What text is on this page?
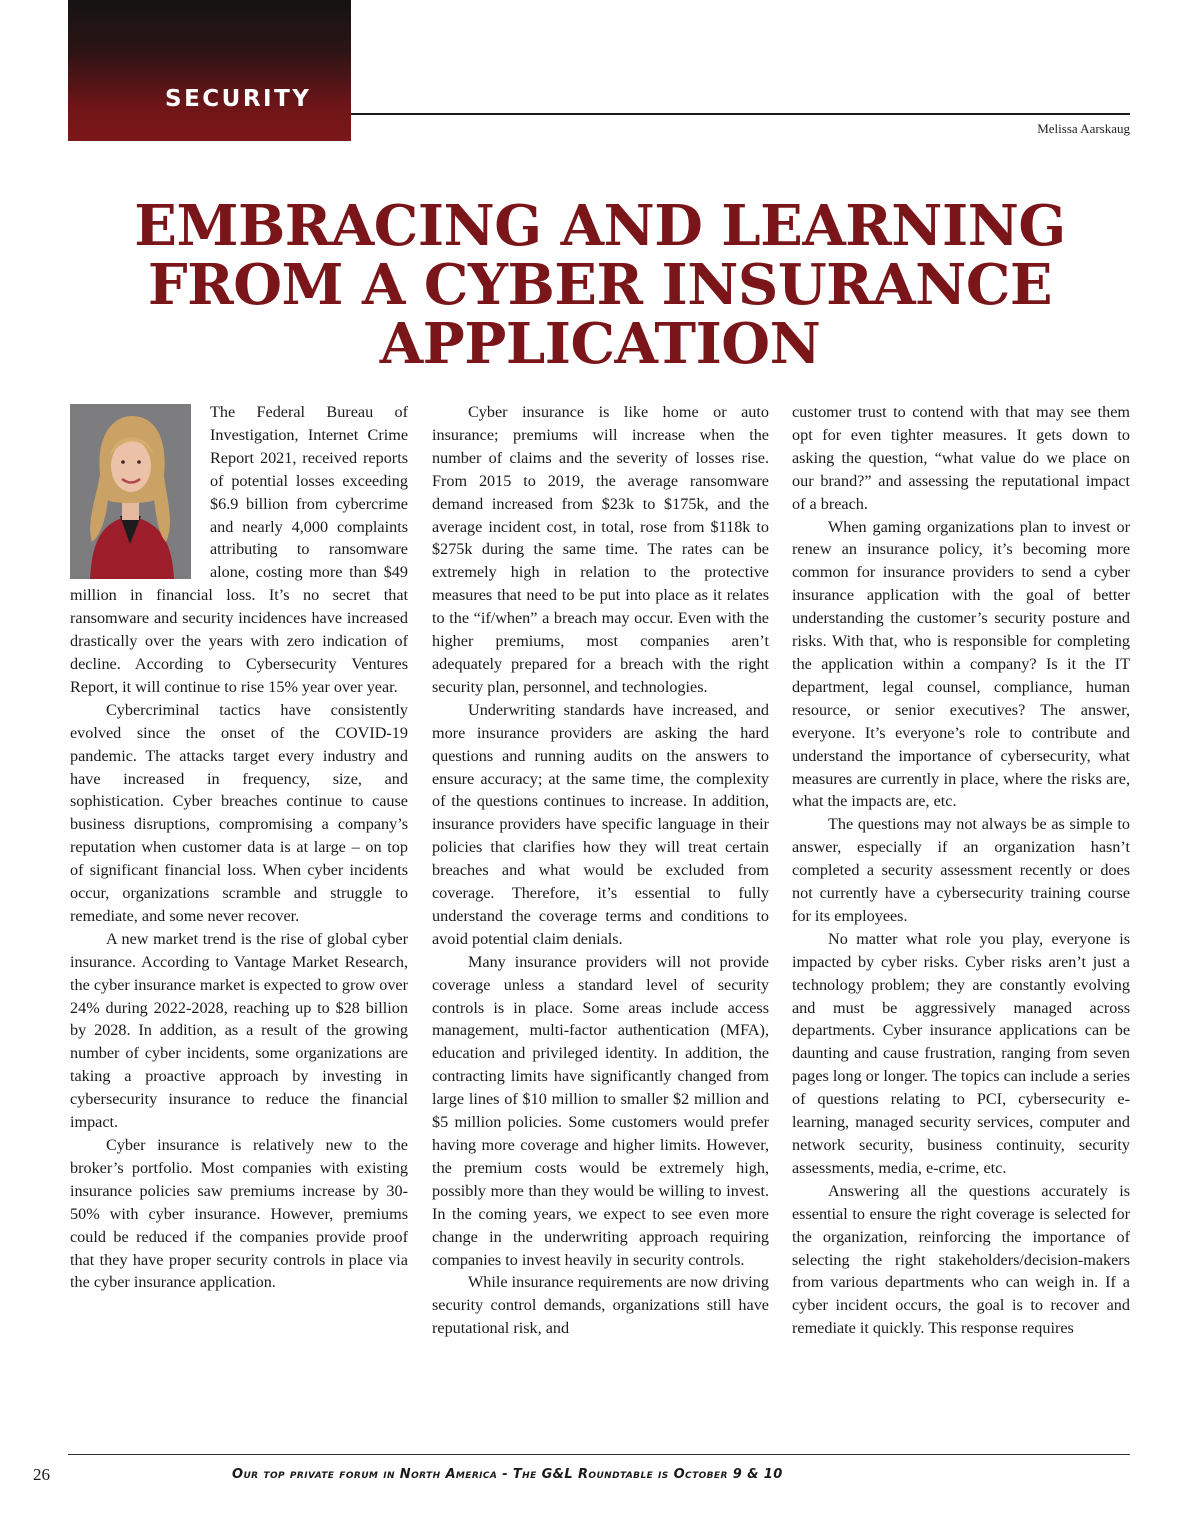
SECURITY
Melissa Aarskaug
EMBRACING AND LEARNING
FROM A CYBER INSURANCE
APPLICATION

The Federal Bureau of Investigation, Internet Crime Report 2021, received reports of potential losses exceeding $6.9 billion from cybercrime and nearly 4,000 complaints attributing to ransomware alone, costing more than $49 million in financial loss. It’s no secret that ransomware and security incidences have increased drastically over the years with zero indication of decline. According to Cybersecurity Ventures Report, it will continue to rise 15% year over year.

Cybercriminal tactics have consistently evolved since the onset of the COVID-19 pandemic. The attacks target every industry and have increased in frequency, size, and sophistication. Cyber breaches continue to cause business disruptions, compromising a company’s reputation when customer data is at large – on top of significant financial loss. When cyber incidents occur, organizations scramble and struggle to remediate, and some never recover.

A new market trend is the rise of global cyber insurance. According to Vantage Market Research, the cyber insurance market is expected to grow over 24% during 2022-2028, reaching up to $28 billion by 2028. In addition, as a result of the growing number of cyber incidents, some organizations are taking a proactive approach by investing in cybersecurity insurance to reduce the financial impact.

Cyber insurance is relatively new to the broker’s portfolio. Most companies with existing insurance policies saw premiums increase by 30-50% with cyber insurance. However, premiums could be reduced if the companies provide proof that they have proper security controls in place via the cyber insurance application.

Cyber insurance is like home or auto insurance; premiums will increase when the number of claims and the severity of losses rise. From 2015 to 2019, the average ransomware demand increased from $23k to $175k, and the average incident cost, in total, rose from $118k to $275k during the same time. The rates can be extremely high in relation to the protective measures that need to be put into place as it relates to the “if/when” a breach may occur. Even with the higher premiums, most companies aren’t adequately prepared for a breach with the right security plan, personnel, and technologies.

Underwriting standards have increased, and more insurance providers are asking the hard questions and running audits on the answers to ensure accuracy; at the same time, the complexity of the questions continues to increase. In addition, insurance providers have specific language in their policies that clarifies how they will treat certain breaches and what would be excluded from coverage. Therefore, it’s essential to fully understand the coverage terms and conditions to avoid potential claim denials.

Many insurance providers will not provide coverage unless a standard level of security controls is in place. Some areas include access management, multi-factor authentication (MFA), education and privileged identity. In addition, the contracting limits have significantly changed from large lines of $10 million to smaller $2 million and $5 million policies. Some customers would prefer having more coverage and higher limits. However, the premium costs would be extremely high, possibly more than they would be willing to invest. In the coming years, we expect to see even more change in the underwriting approach requiring companies to invest heavily in security controls.

While insurance requirements are now driving security control demands, organizations still have reputational risk, and

customer trust to contend with that may see them opt for even tighter measures. It gets down to asking the question, “what value do we place on our brand?” and assessing the reputational impact of a breach.

When gaming organizations plan to invest or renew an insurance policy, it’s becoming more common for insurance providers to send a cyber insurance application with the goal of better understanding the customer’s security posture and risks. With that, who is responsible for completing the application within a company? Is it the IT department, legal counsel, compliance, human resource, or senior executives? The answer, everyone. It’s everyone’s role to contribute and understand the importance of cybersecurity, what measures are currently in place, where the risks are, what the impacts are, etc.

The questions may not always be as simple to answer, especially if an organization hasn’t completed a security assessment recently or does not currently have a cybersecurity training course for its employees.

No matter what role you play, everyone is impacted by cyber risks. Cyber risks aren’t just a technology problem; they are constantly evolving and must be aggressively managed across departments. Cyber insurance applications can be daunting and cause frustration, ranging from seven pages long or longer. The topics can include a series of questions relating to PCI, cybersecurity e-learning, managed security services, computer and network security, business continuity, security assessments, media, e-crime, etc.

Answering all the questions accurately is essential to ensure the right coverage is selected for the organization, reinforcing the importance of selecting the right stakeholders/decision-makers from various departments who can weigh in. If a cyber incident occurs, the goal is to recover and remediate it quickly. This response requires

26	Our top private forum in North America - The G&L Roundtable is October 9 & 10
